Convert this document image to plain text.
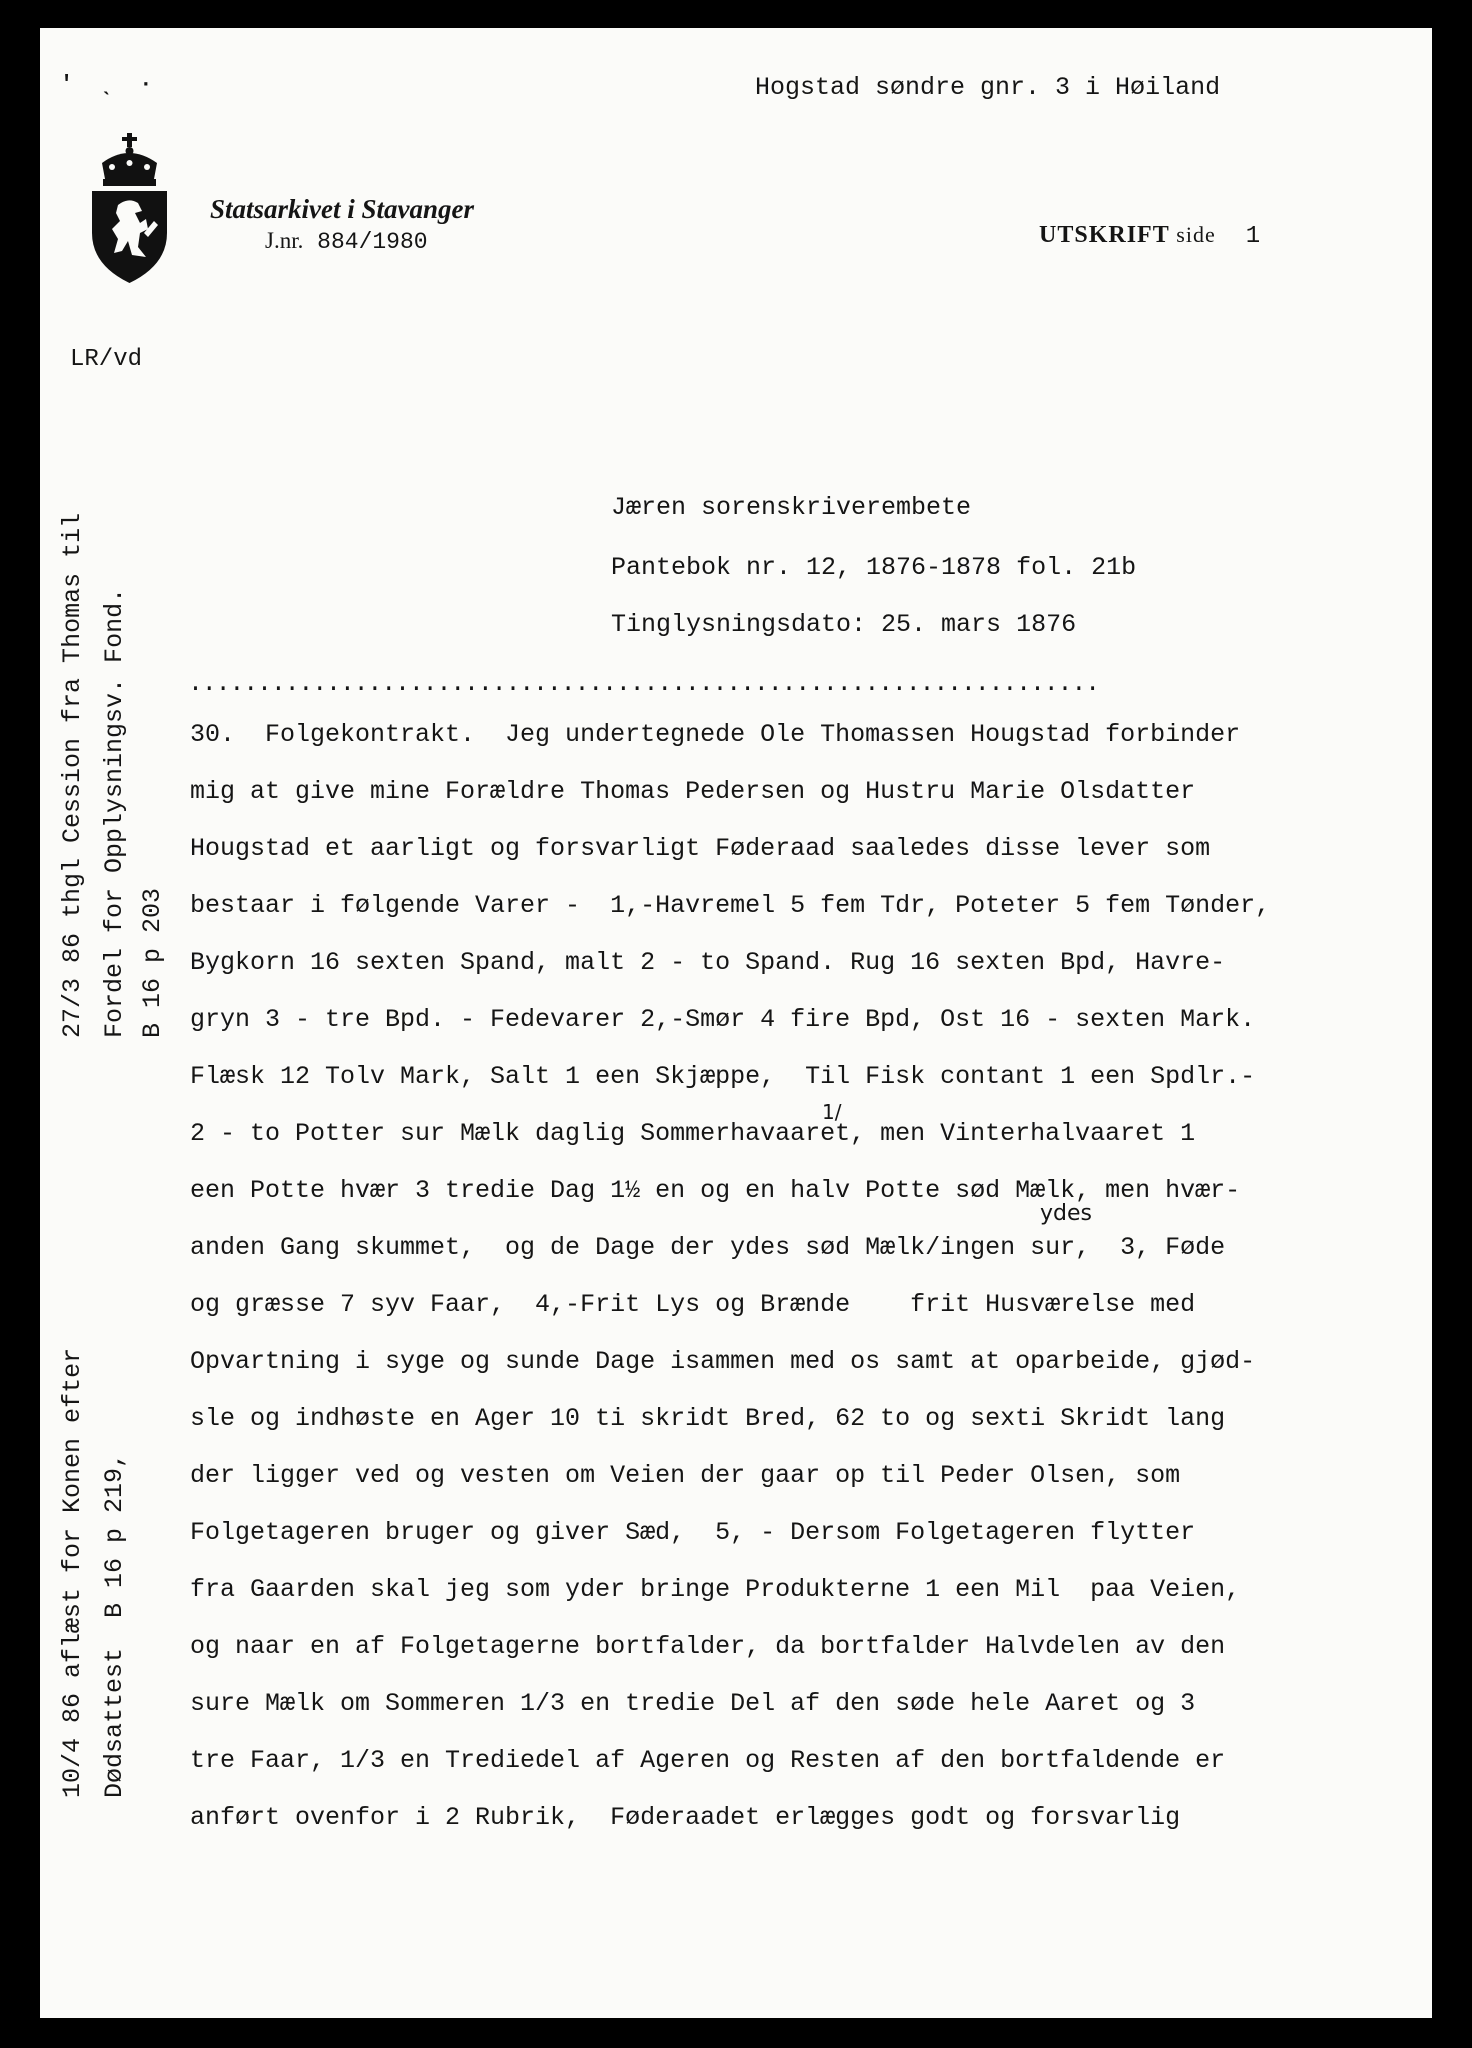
'  ˎ  ·	Hogstad søndre gnr. 3 i Høiland
Statsarkivet i Stavanger
J.nr. 884/1980	UTSKRIFT side 1
LR/vd
Jæren sorenskriverembete
Pantebok nr. 12, 1876-1878 fol. 21b
Tinglysningsdato: 25. mars 1876
..................................................................
27/3 86 thgl Cession fra Thomas til Fordel for Opplysningsv. Fond. B 16 p 203
10/4 86 aflæst for Konen efter Dødsattest  B 16 p 219,
1/
ydes
30.  Folgekontrakt.  Jeg undertegnede Ole Thomassen Hougstad forbinder
mig at give mine Forældre Thomas Pedersen og Hustru Marie Olsdatter
Hougstad et aarligt og forsvarligt Føderaad saaledes disse lever som
bestaar i følgende Varer -  1,-Havremel 5 fem Tdr, Poteter 5 fem Tønder,
Bygkorn 16 sexten Spand, malt 2 - to Spand. Rug 16 sexten Bpd, Havre-
gryn 3 - tre Bpd. - Fedevarer 2,-Smør 4 fire Bpd, Ost 16 - sexten Mark.
Flæsk 12 Tolv Mark, Salt 1 een Skjæppe,  Til Fisk contant 1 een Spdlr.-
2 - to Potter sur Mælk daglig Sommerhavaaret, men Vinterhalvaaret 1
een Potte hvær 3 tredie Dag 1½ en og en halv Potte sød Mælk, men hvær-
anden Gang skummet,  og de Dage der ydes sød Mælk/ingen sur,  3, Føde
og græsse 7 syv Faar,  4,-Frit Lys og Brænde    frit Husværelse med
Opvartning i syge og sunde Dage isammen med os samt at oparbeide, gjød-
sle og indhøste en Ager 10 ti skridt Bred, 62 to og sexti Skridt lang
der ligger ved og vesten om Veien der gaar op til Peder Olsen, som
Folgetageren bruger og giver Sæd,  5, - Dersom Folgetageren flytter
fra Gaarden skal jeg som yder bringe Produkterne 1 een Mil  paa Veien,
og naar en af Folgetagerne bortfalder, da bortfalder Halvdelen av den
sure Mælk om Sommeren 1/3 en tredie Del af den søde hele Aaret og 3
tre Faar, 1/3 en Trediedel af Ageren og Resten af den bortfaldende er
anført ovenfor i 2 Rubrik,  Føderaadet erlægges godt og forsvarlig
